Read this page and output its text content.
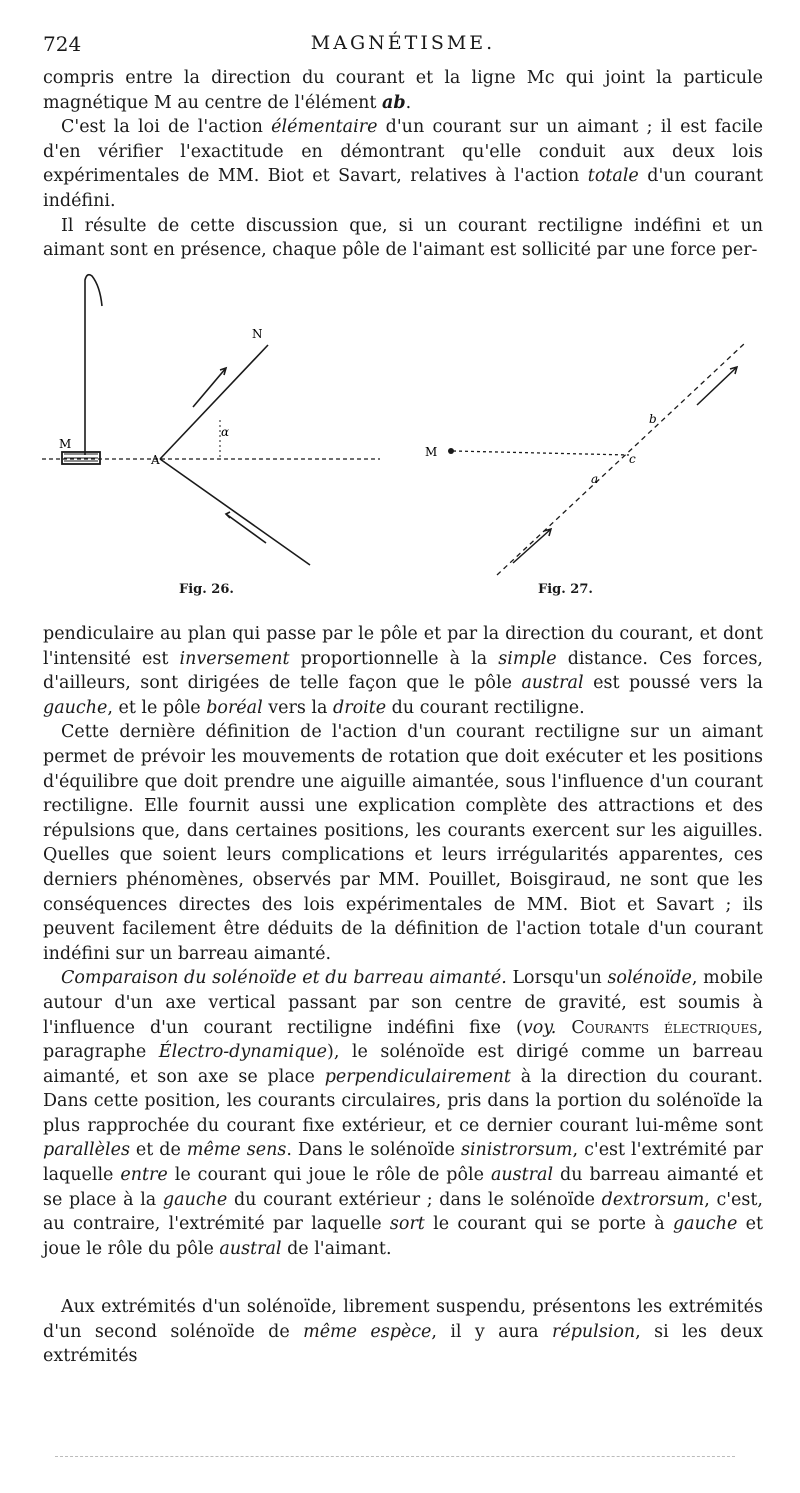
724	MAGNÉTISME.

compris entre la direction du courant et la ligne Mc qui joint la particule magnétique M au centre de l'élément ab.

C'est la loi de l'action élémentaire d'un courant sur un aimant ; il est facile d'en vérifier l'exactitude en démontrant qu'elle conduit aux deux lois expérimentales de MM. Biot et Savart, relatives à l'action totale d'un courant indéfini.

Il résulte de cette discussion que, si un courant rectiligne indéfini et un aimant sont en présence, chaque pôle de l'aimant est sollicité par une force per-

N
M
A
α
Fig. 26.
M
b
c
a
Fig. 27.

pendiculaire au plan qui passe par le pôle et par la direction du courant, et dont l'intensité est inversement proportionnelle à la simple distance. Ces forces, d'ailleurs, sont dirigées de telle façon que le pôle austral est poussé vers la gauche, et le pôle boréal vers la droite du courant rectiligne.

Cette dernière définition de l'action d'un courant rectiligne sur un aimant permet de prévoir les mouvements de rotation que doit exécuter et les positions d'équilibre que doit prendre une aiguille aimantée, sous l'influence d'un courant rectiligne. Elle fournit aussi une explication complète des attractions et des répulsions que, dans certaines positions, les courants exercent sur les aiguilles. Quelles que soient leurs complications et leurs irrégularités apparentes, ces derniers phénomènes, observés par MM. Pouillet, Boisgiraud, ne sont que les conséquences directes des lois expérimentales de MM. Biot et Savart ; ils peuvent facilement être déduits de la définition de l'action totale d'un courant indéfini sur un barreau aimanté.

Comparaison du solénoïde et du barreau aimanté. Lorsqu'un solénoïde, mobile autour d'un axe vertical passant par son centre de gravité, est soumis à l'influence d'un courant rectiligne indéfini fixe (voy. Courants électriques, paragraphe Électro-dynamique), le solénoïde est dirigé comme un barreau aimanté, et son axe se place perpendiculairement à la direction du courant. Dans cette position, les courants circulaires, pris dans la portion du solénoïde la plus rapprochée du courant fixe extérieur, et ce dernier courant lui-même sont parallèles et de même sens. Dans le solénoïde sinistrorsum, c'est l'extrémité par laquelle entre le courant qui joue le rôle de pôle austral du barreau aimanté et se place à la gauche du courant extérieur ; dans le solénoïde dextrorsum, c'est, au contraire, l'extrémité par laquelle sort le courant qui se porte à gauche et joue le rôle du pôle austral de l'aimant.

Aux extrémités d'un solénoïde, librement suspendu, présentons les extrémités d'un second solénoïde de même espèce, il y aura répulsion, si les deux extrémités
